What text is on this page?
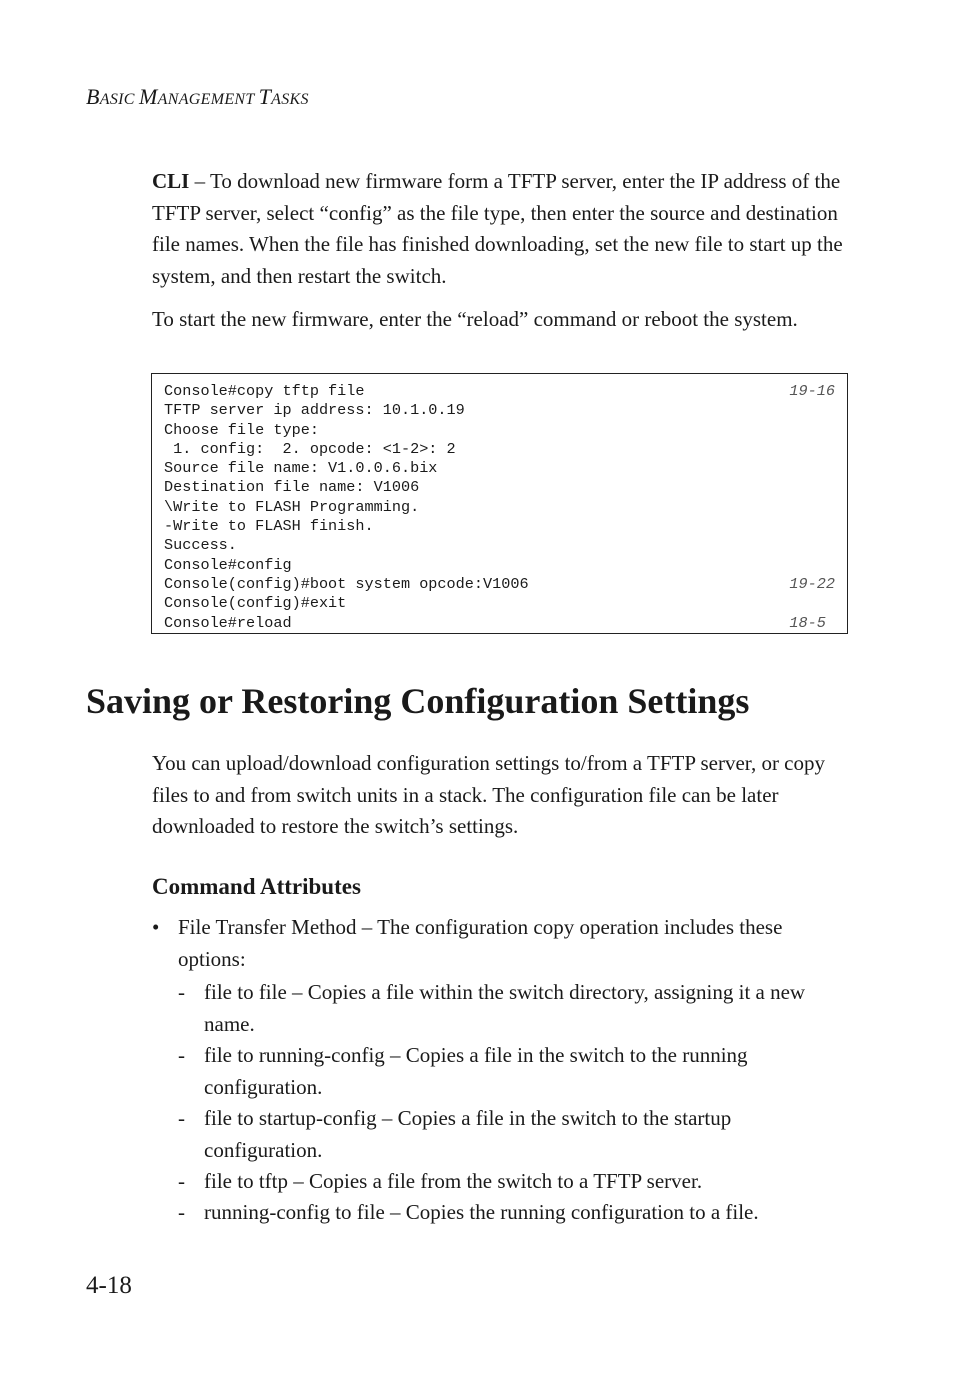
BASIC MANAGEMENT TASKS
CLI – To download new firmware form a TFTP server, enter the IP address of the TFTP server, select “config” as the file type, then enter the source and destination file names. When the file has finished downloading, set the new file to start up the system, and then restart the switch.
To start the new firmware, enter the “reload” command or reboot the system.
Console#copy tftp file	19-16
TFTP server ip address: 10.1.0.19
Choose file type:
1. config:  2. opcode: <1-2>: 2
Source file name: V1.0.0.6.bix
Destination file name: V1006
\Write to FLASH Programming.
-Write to FLASH finish.
Success.
Console#config
Console(config)#boot system opcode:V1006	19-22
Console(config)#exit
Console#reload	18-5
Saving or Restoring Configuration Settings
You can upload/download configuration settings to/from a TFTP server, or copy files to and from switch units in a stack. The configuration file can be later downloaded to restore the switch’s settings.
Command Attributes
• File Transfer Method – The configuration copy operation includes these options:
- file to file – Copies a file within the switch directory, assigning it a new name.
- file to running-config – Copies a file in the switch to the running configuration.
- file to startup-config – Copies a file in the switch to the startup configuration.
- file to tftp – Copies a file from the switch to a TFTP server.
- running-config to file – Copies the running configuration to a file.
4-18
